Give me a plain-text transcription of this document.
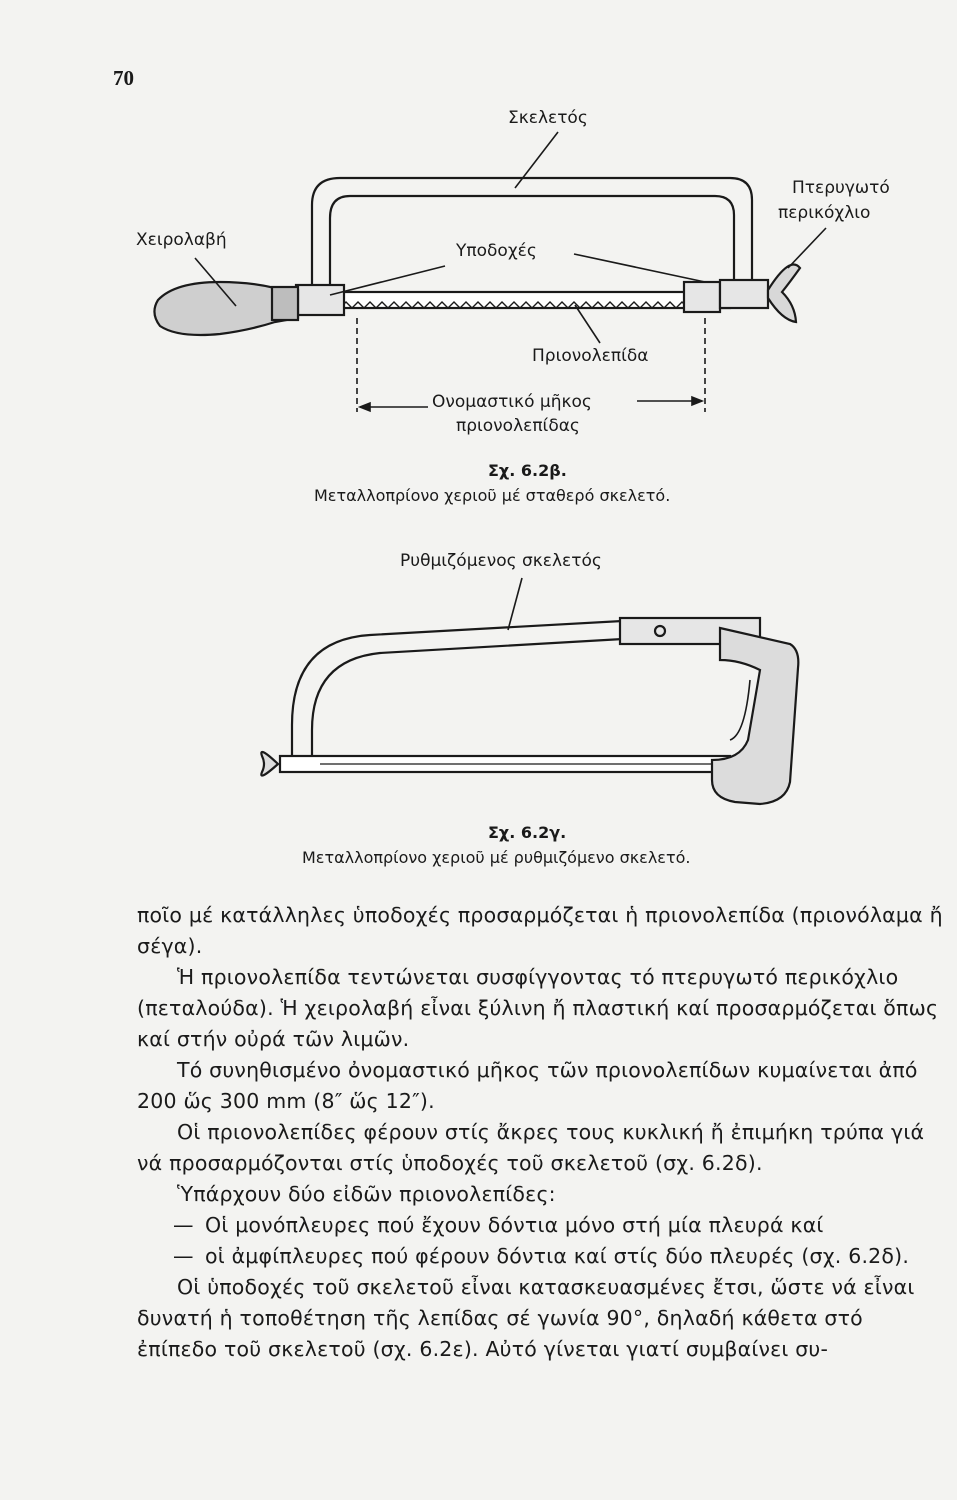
70
Σκελετός
Χειρολαβή
Πτερυγωτό
περικόχλιο
Υποδοχές
Πριονολεπίδα
Ονομαστικό μῆκος
πριονολεπίδας
Σχ. 6.2β.
Μεταλλοπρίονο χεριοῦ μέ σταθερό σκελετό.
Ρυθμιζόμενος σκελετός
Σχ. 6.2γ.
Μεταλλοπρίονο χεριοῦ μέ ρυθμιζόμενο σκελετό.

ποῖο μέ κατάλληλες ὑποδοχές προσαρμόζεται ἡ πριονολεπίδα (πριονόλαμα ἤ σέγα).

Ἡ πριονολεπίδα τεντώνεται συσφίγγοντας τό πτερυγωτό περικόχλιο (πεταλούδα). Ἡ χειρολαβή εἶναι ξύλινη ἤ πλαστική καί προσαρμόζεται ὅπως καί στήν οὐρά τῶν λιμῶν.

Τό συνηθισμένο ὀνομαστικό μῆκος τῶν πριονολεπίδων κυμαίνεται ἀπό 200 ὥς 300 mm (8″ ὥς 12″).

Οἱ πριονολεπίδες φέρουν στίς ἄκρες τους κυκλική ἤ ἐπιμήκη τρύπα γιά νά προσαρμόζονται στίς ὑποδοχές τοῦ σκελετοῦ (σχ. 6.2δ).

Ὑπάρχουν δύο εἰδῶν πριονολεπίδες:

— Οἱ μονόπλευρες πού ἔχουν δόντια μόνο στή μία πλευρά καί

— οἱ ἀμφίπλευρες πού φέρουν δόντια καί στίς δύο πλευρές (σχ. 6.2δ).

Οἱ ὑποδοχές τοῦ σκελετοῦ εἶναι κατασκευασμένες ἔτσι, ὥστε νά εἶναι δυνατή ἡ τοποθέτηση τῆς λεπίδας σέ γωνία 90°, δηλαδή κάθετα στό ἐπίπεδο τοῦ σκελετοῦ (σχ. 6.2ε). Αὐτό γίνεται γιατί συμβαίνει συ-
